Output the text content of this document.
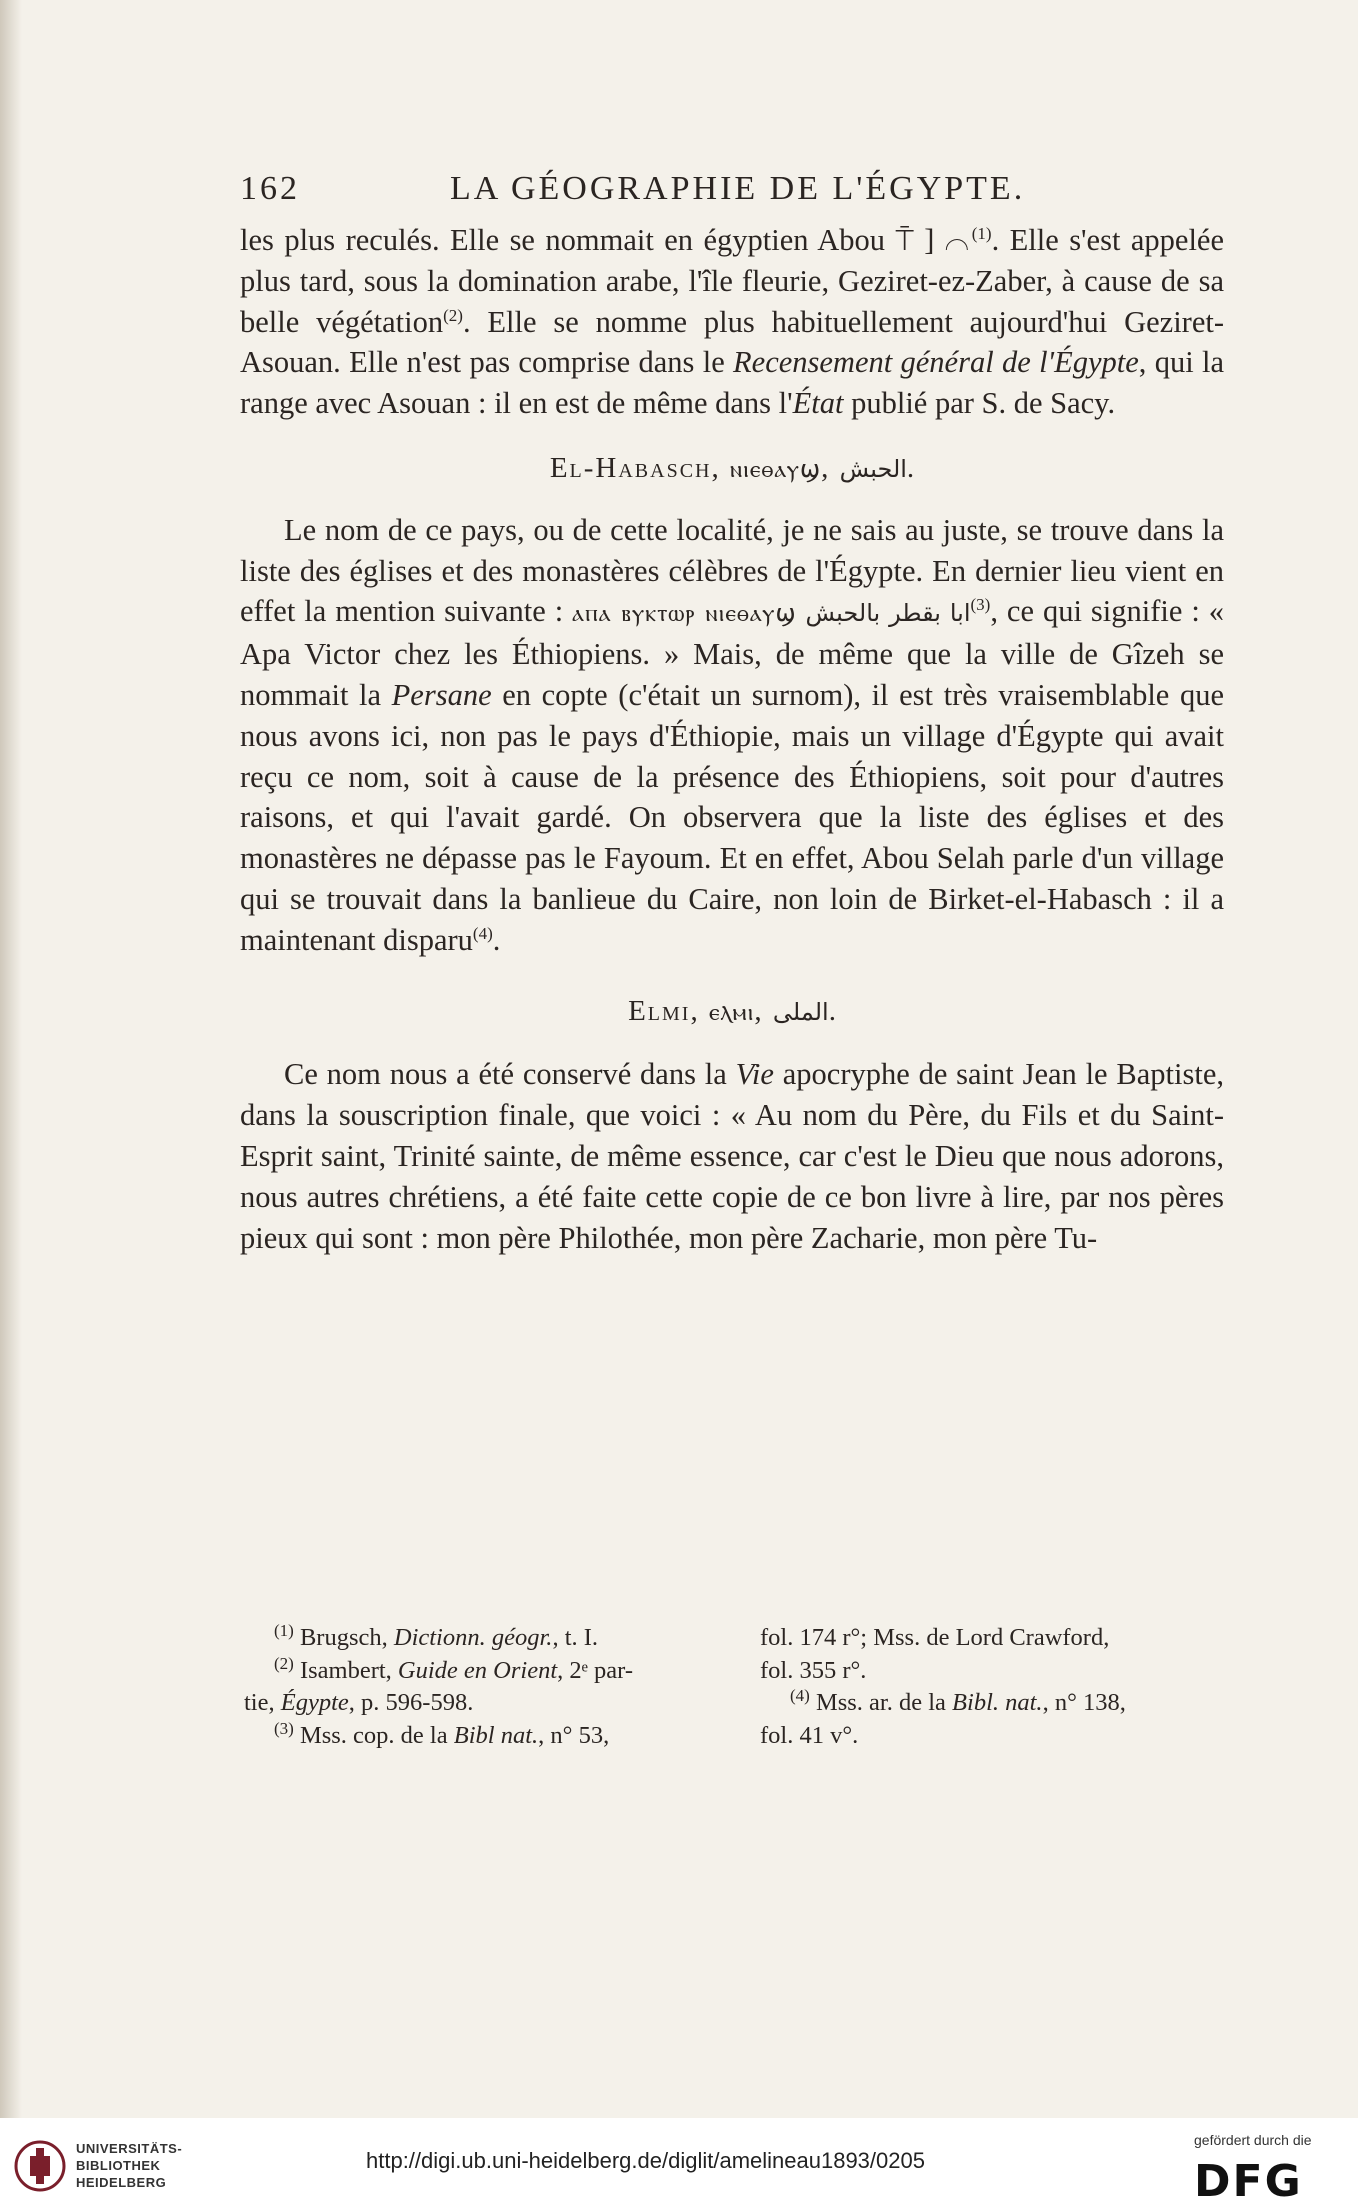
162	LA GÉOGRAPHIE DE L'ÉGYPTE.

les plus reculés. Elle se nommait en égyptien Abou ⍑ ] ⌒$^{(1)}$. Elle s'est appelée plus tard, sous la domination arabe, l'île fleurie, Geziret-ez-Zaber, à cause de sa belle végétation$^{(2)}$. Elle se nomme plus habituellement aujourd'hui Geziret-Asouan. Elle n'est pas comprise dans le Recensement général de l'Égypte, qui la range avec Asouan : il en est de même dans l'État publié par S. de Sacy.

El-Habasch, ⲛⲓⲉⲑⲁⲩϣ, الحبش.

Le nom de ce pays, ou de cette localité, je ne sais au juste, se trouve dans la liste des églises et des monastères célèbres de l'Égypte. En dernier lieu vient en effet la mention suivante : ⲁⲡⲁ ⲃⲩⲕⲧⲱⲣ ⲛⲓⲉⲑⲁⲩϣ ابا بقطر بالحبش$^{(3)}$, ce qui signifie : « Apa Victor chez les Éthiopiens. » Mais, de même que la ville de Gîzeh se nommait la Persane en copte (c'était un surnom), il est très vraisemblable que nous avons ici, non pas le pays d'Éthiopie, mais un village d'Égypte qui avait reçu ce nom, soit à cause de la présence des Éthiopiens, soit pour d'autres raisons, et qui l'avait gardé. On observera que la liste des églises et des monastères ne dépasse pas le Fayoum. Et en effet, Abou Selah parle d'un village qui se trouvait dans la banlieue du Caire, non loin de Birket-el-Habasch : il a maintenant disparu$^{(4)}$.

Elmi, ⲉⲗⲙⲓ, الملى.

Ce nom nous a été conservé dans la Vie apocryphe de saint Jean le Baptiste, dans la souscription finale, que voici : « Au nom du Père, du Fils et du Saint-Esprit saint, Trinité sainte, de même essence, car c'est le Dieu que nous adorons, nous autres chrétiens, a été faite cette copie de ce bon livre à lire, par nos pères pieux qui sont : mon père Philothée, mon père Zacharie, mon père Tu-

$^{(1)}$ Brugsch, Dictionn. géogr., t. I.
$^{(2)}$ Isambert, Guide en Orient, 2ᵉ par-
tie, Égypte, p. 596-598.
$^{(3)}$ Mss. cop. de la Bibl nat., n° 53,
fol. 174 r°; Mss. de Lord Crawford,
fol. 355 r°.
$^{(4)}$ Mss. ar. de la Bibl. nat., n° 138,
fol. 41 v°.
UNIVERSITÄTS-
BIBLIOTHEK
HEIDELBERG
http://digi.ub.uni-heidelberg.de/diglit/amelineau1893/0205
gefördert durch die
DFG
